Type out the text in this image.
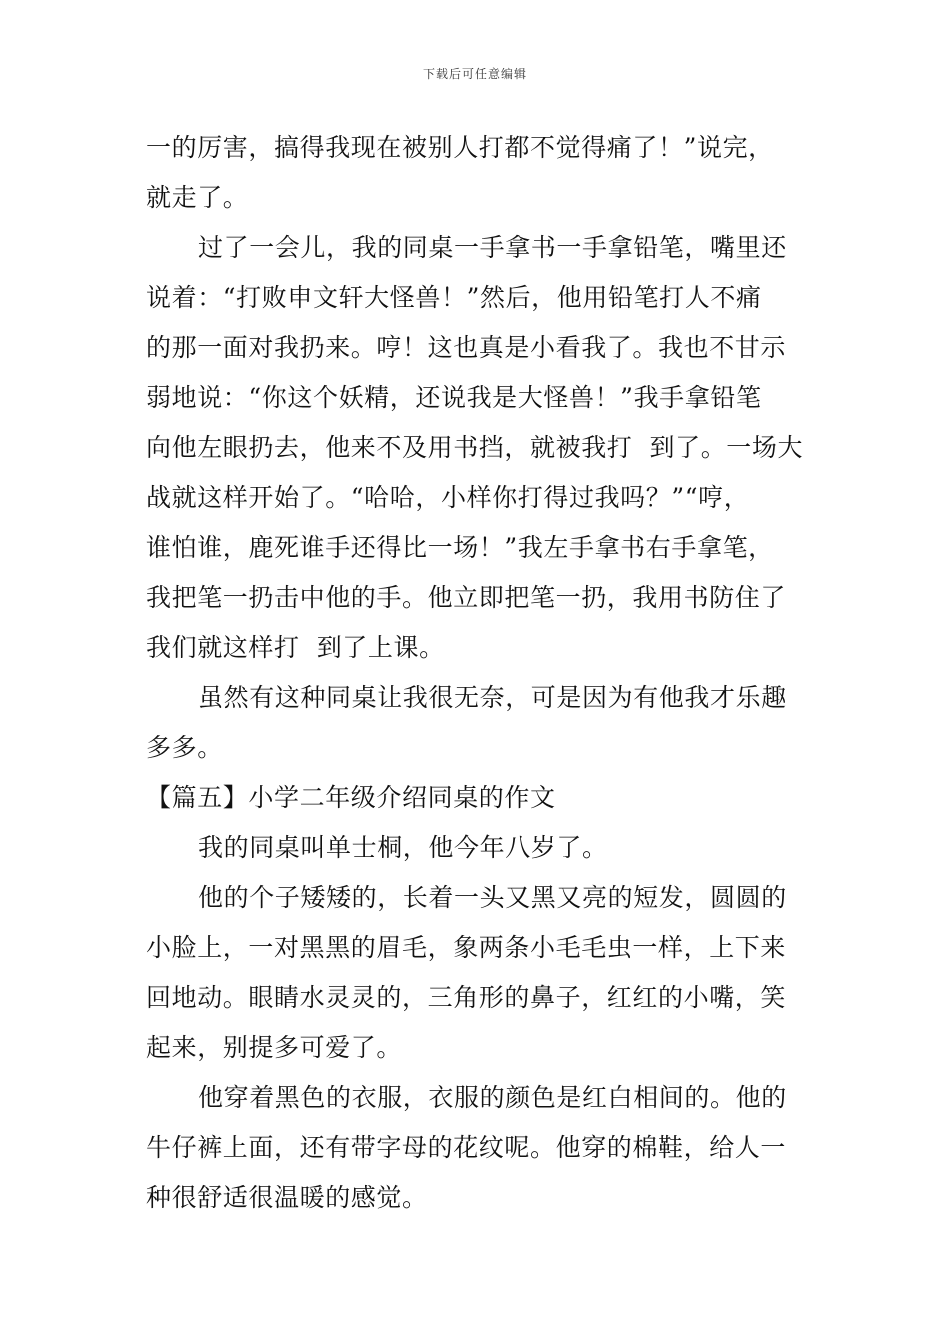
下载后可任意编辑
一的厉害，搞得我现在被别人打都不觉得痛了！”说完，
就走了。
过了一会儿，我的同桌一手拿书一手拿铅笔，嘴里还
说着：“打败申文轩大怪兽！”然后，他用铅笔打人不痛
的那一面对我扔来。哼！这也真是小看我了。我也不甘示
弱地说：“你这个妖精，还说我是大怪兽！”我手拿铅笔
向他左眼扔去，他来不及用书挡，就被我打  到了。一场大
战就这样开始了。“哈哈，小样你打得过我吗？”“哼，
谁怕谁，鹿死谁手还得比一场！”我左手拿书右手拿笔，
我把笔一扔击中他的手。他立即把笔一扔，我用书防住了
我们就这样打  到了上课。
虽然有这种同桌让我很无奈，可是因为有他我才乐趣
多多。
【篇五】小学二年级介绍同桌的作文
我的同桌叫单士桐，他今年八岁了。
他的个子矮矮的，长着一头又黑又亮的短发，圆圆的
小脸上，一对黑黑的眉毛，象两条小毛毛虫一样，上下来
回地动。眼睛水灵灵的，三角形的鼻子，红红的小嘴，笑
起来，别提多可爱了。
他穿着黑色的衣服，衣服的颜色是红白相间的。他的
牛仔裤上面，还有带字母的花纹呢。他穿的棉鞋，给人一
种很舒适很温暖的感觉。
